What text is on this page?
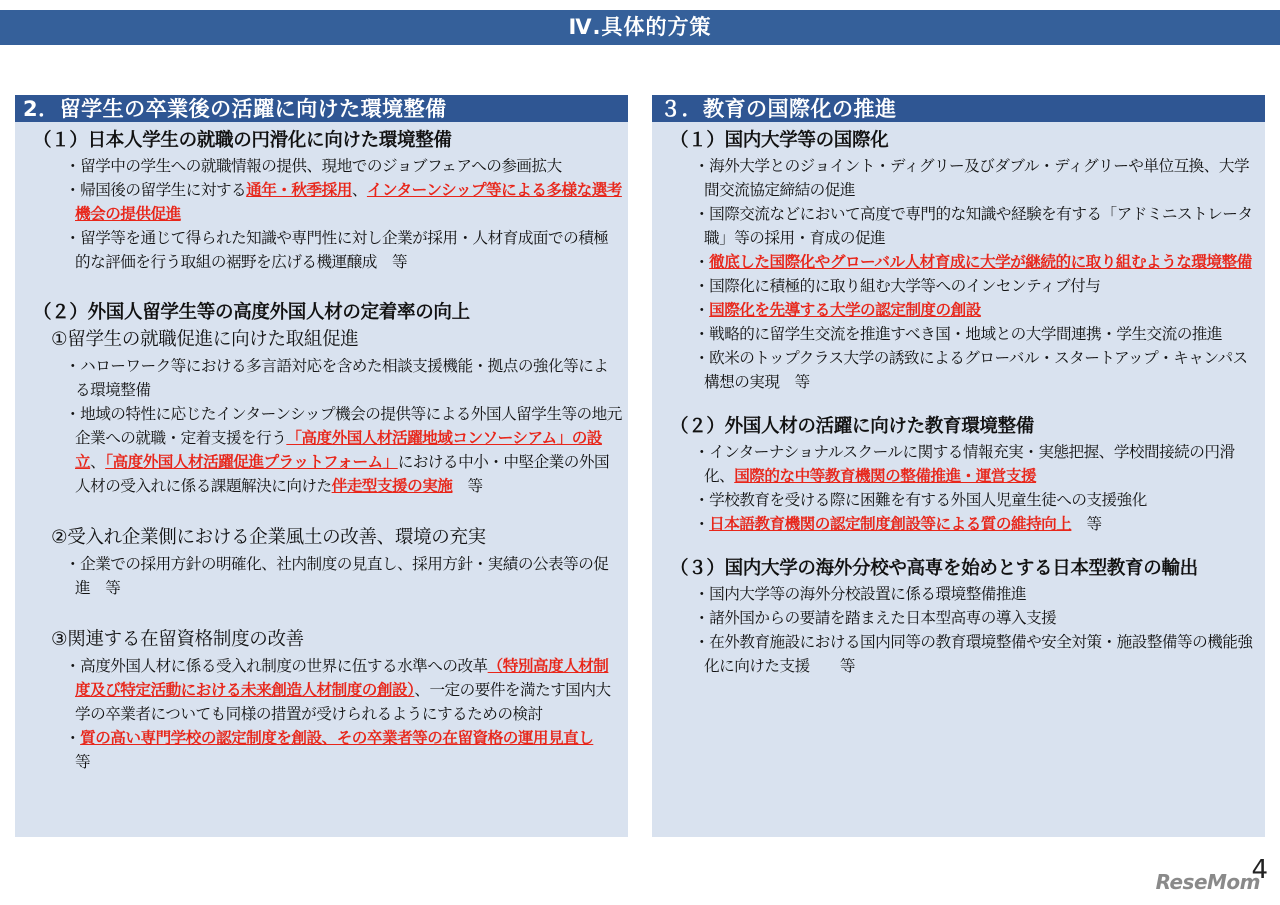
Ⅳ.具体的方策
2．留学生の卒業後の活躍に向けた環境整備
（１）日本人学生の就職の円滑化に向けた環境整備
・留学中の学生への就職情報の提供、現地でのジョブフェアへの参画拡大
・帰国後の留学生に対する通年・秋季採用、インターンシップ等による多様な選考機会の提供促進
・留学等を通じて得られた知識や専門性に対し企業が採用・人材育成面での積極的な評価を行う取組の裾野を広げる機運醸成　等
（２）外国人留学生等の高度外国人材の定着率の向上
①留学生の就職促進に向けた取組促進
・ハローワーク等における多言語対応を含めた相談支援機能・拠点の強化等による環境整備
・地域の特性に応じたインターンシップ機会の提供等による外国人留学生等の地元企業への就職・定着支援を行う「高度外国人材活躍地域コンソーシアム」の設立、「高度外国人材活躍促進プラットフォーム」における中小・中堅企業の外国人材の受入れに係る課題解決に向けた伴走型支援の実施　等
②受入れ企業側における企業風土の改善、環境の充実
・企業での採用方針の明確化、社内制度の見直し、採用方針・実績の公表等の促進　等
③関連する在留資格制度の改善
・高度外国人材に係る受入れ制度の世界に伍する水準への改革（特別高度人材制度及び特定活動における未来創造人材制度の創設）、一定の要件を満たす国内大学の卒業者についても同様の措置が受けられるようにするための検討
・質の高い専門学校の認定制度を創設、その卒業者等の在留資格の運用見直し　等
３．教育の国際化の推進
（１）国内大学等の国際化
・海外大学とのジョイント・ディグリー及びダブル・ディグリーや単位互換、大学間交流協定締結の促進
・国際交流などにおいて高度で専門的な知識や経験を有する「アドミニストレータ職」等の採用・育成の促進
・徹底した国際化やグローバル人材育成に大学が継続的に取り組むような環境整備
・国際化に積極的に取り組む大学等へのインセンティブ付与
・国際化を先導する大学の認定制度の創設
・戦略的に留学生交流を推進すべき国・地域との大学間連携・学生交流の推進
・欧米のトップクラス大学の誘致によるグローバル・スタートアップ・キャンパス構想の実現　等
（２）外国人材の活躍に向けた教育環境整備
・インターナショナルスクールに関する情報充実・実態把握、学校間接続の円滑化、国際的な中等教育機関の整備推進・運営支援
・学校教育を受ける際に困難を有する外国人児童生徒への支援強化
・日本語教育機関の認定制度創設等による質の維持向上　等
（３）国内大学の海外分校や高専を始めとする日本型教育の輸出
・国内大学等の海外分校設置に係る環境整備推進
・諸外国からの要請を踏まえた日本型高専の導入支援
・在外教育施設における国内同等の教育環境整備や安全対策・施設整備等の機能強化に向けた支援　　等
4
ReseMom
